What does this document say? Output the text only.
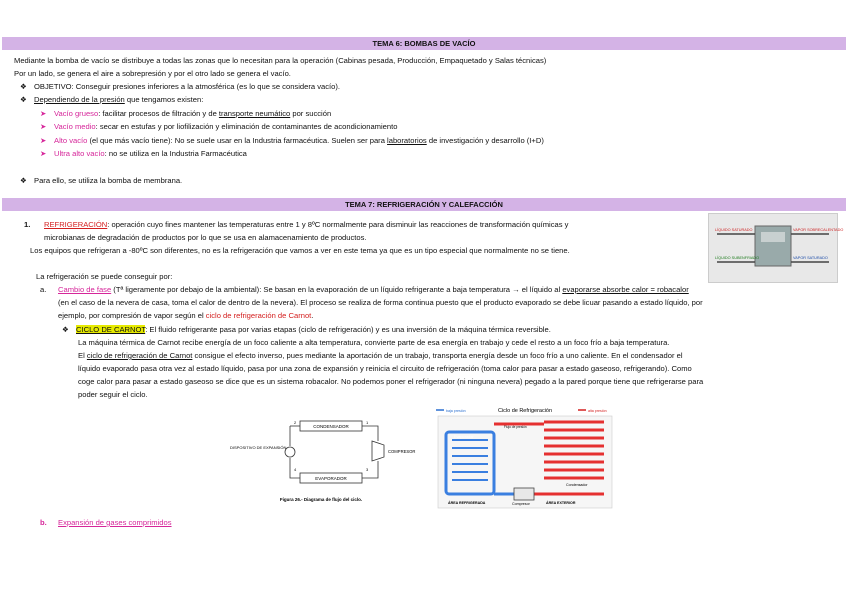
TEMA 6: BOMBAS DE VACÍO
Mediante la bomba de vacío se distribuye a todas las zonas que lo necesitan para la operación (Cabinas pesada, Producción, Empaquetado y Salas técnicas)
Por un lado, se genera el aire a sobrepresión y por el otro lado se genera el vacío.
❖ OBJETIVO: Conseguir presiones inferiores a la atmosférica (es lo que se considera vacío).
❖ Dependiendo de la presión que tengamos existen:
➤ Vacío grueso: facilitar procesos de filtración y de transporte neumático por succión
➤ Vacío medio: secar en estufas y por liofilización y eliminación de contaminantes de acondicionamiento
➤ Alto vacío (el que más vacío tiene): No se suele usar en la Industria farmacéutica. Suelen ser para laboratorios de investigación y desarrollo (I+D)
➤ Ultra alto vacío: no se utiliza en la Industria Farmacéutica
❖ Para ello, se utiliza la bomba de membrana.
TEMA 7: REFRIGERACIÓN Y CALEFACCIÓN
1. REFRIGERACIÓN: operación cuyo fines mantener las temperaturas entre 1 y 8ºC normalmente para disminuir las reacciones de transformación químicas y
microbianas de degradación de productos por lo que se usa en alamacenamiento de productos.
Los equipos que refrigeran a -80ºC son diferentes, no es la refrigeración que vamos a ver en este tema ya que es un tipo especial que normalmente no se tiene.
La refrigeración se puede conseguir por:
a. Cambio de fase (Tª ligeramente por debajo de la ambiental): Se basan en la evaporación de un líquido refrigerante a baja temperatura → el líquido al evaporarse absorbe calor = robacalor
(en el caso de la nevera de casa, toma el calor de dentro de la nevera). El proceso se realiza de forma continua puesto que el producto evaporado se debe licuar pasando a estado líquido, por
ejemplo, por compresión de vapor según el ciclo de refrigeración de Carnot.
❖ CICLO DE CARNOT: El fluido refrigerante pasa por varias etapas (ciclo de refrigeración) y es una inversión de la máquina térmica reversible.
La máquina térmica de Carnot recibe energía de un foco caliente a alta temperatura, convierte parte de esa energía en trabajo y cede el resto a un foco frío a baja temperatura.
El ciclo de refrigeración de Carnot consigue el efecto inverso, pues mediante la aportación de un trabajo, transporta energía desde un foco frío a uno caliente. En el condensador el
líquido evaporado pasa otra vez al estado líquido, pasa por una zona de expansión y reinicia el circuito de refrigeración (toma calor para pasar a estado gaseoso, refrigerando). Como
coge calor para pasar a estado gaseoso se dice que es un sistema robacalor. No podemos poner el refrigerador (ni ninguna nevera) pegado a la pared porque tiene que refrigerarse para
poder seguir el ciclo.
b. Expansión de gases comprimidos
LÍQUIDO SATURADO	VAPOR SOBRECALENTADO
LÍQUIDO SUBENFRIADO	VAPOR SATURADO
CONDENSADOR
EVAPORADOR
COMPRESOR
DISPOSITIVO DE EXPANSIÓN
2	1
4	3
Figura 26.- Diagrama de flujo del ciclo.
Ciclo de Refrigeración
baja presión	alta presión
Evaporador
Condensador
Compresor
ÁREA REFRIGERADA	ÁREA EXTERIOR
Flujo de presión
